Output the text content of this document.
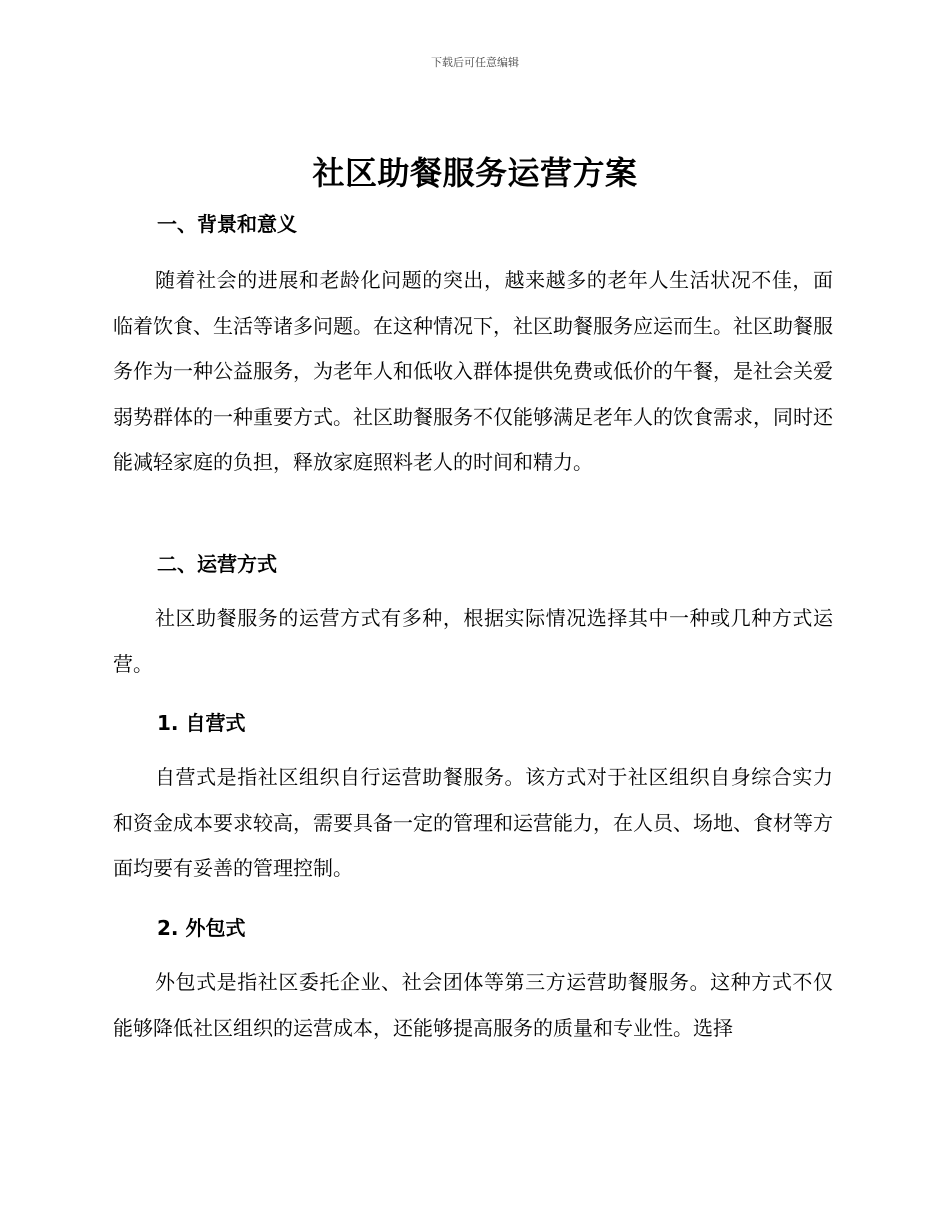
下载后可任意编辑
社区助餐服务运营方案
一、背景和意义

随着社会的进展和老龄化问题的突出，越来越多的老年人生活状况不佳，面临着饮食、生活等诸多问题。在这种情况下，社区助餐服务应运而生。社区助餐服务作为一种公益服务，为老年人和低收入群体提供免费或低价的午餐，是社会关爱弱势群体的一种重要方式。社区助餐服务不仅能够满足老年人的饮食需求，同时还能减轻家庭的负担，释放家庭照料老人的时间和精力。

二、运营方式

社区助餐服务的运营方式有多种，根据实际情况选择其中一种或几种方式运营。

1. 自营式

自营式是指社区组织自行运营助餐服务。该方式对于社区组织自身综合实力和资金成本要求较高，需要具备一定的管理和运营能力，在人员、场地、食材等方面均要有妥善的管理控制。

2. 外包式

外包式是指社区委托企业、社会团体等第三方运营助餐服务。这种方式不仅能够降低社区组织的运营成本，还能够提高服务的质量和专业性。选择
